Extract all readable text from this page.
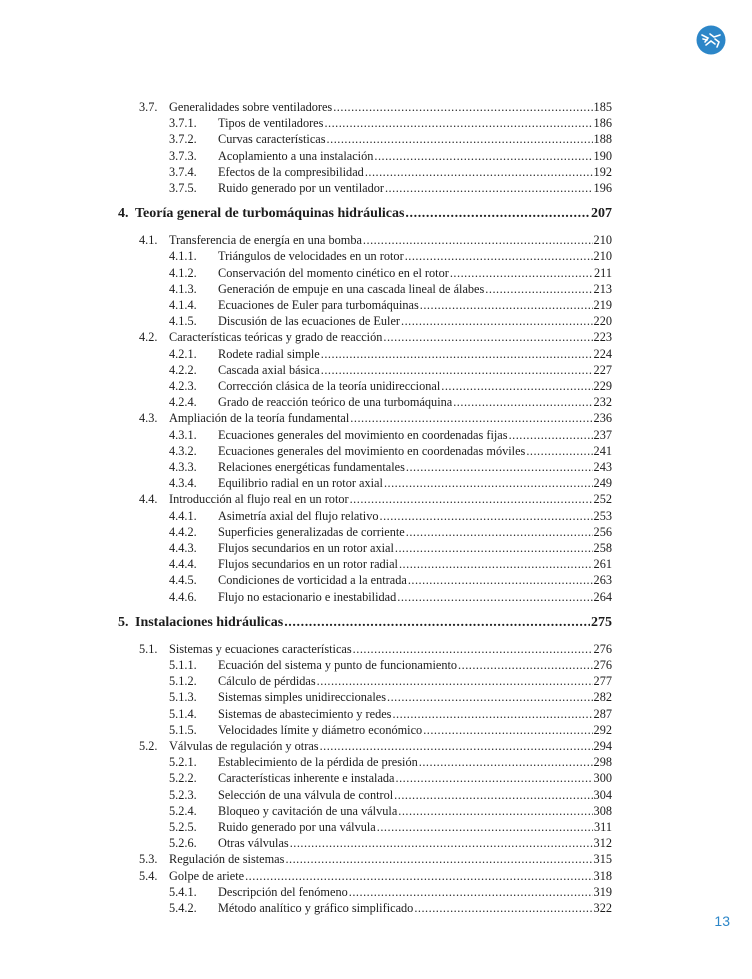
3.7. Generalidades sobre ventiladores .....	185
3.7.1. Tipos de ventiladores .....	186
3.7.2. Curvas características .....	188
3.7.3. Acoplamiento a una instalación .....	190
3.7.4. Efectos de la compresibilidad .....	192
3.7.5. Ruido generado por un ventilador .....	196
4. Teoría general de turbomáquinas hidráulicas .....	207
4.1. Transferencia de energía en una bomba .....	210
4.1.1. Triángulos de velocidades en un rotor .....	210
4.1.2. Conservación del momento cinético en el rotor .....	211
4.1.3. Generación de empuje en una cascada lineal de álabes .....	213
4.1.4. Ecuaciones de Euler para turbomáquinas .....	219
4.1.5. Discusión de las ecuaciones de Euler .....	220
4.2. Características teóricas y grado de reacción .....	223
4.2.1. Rodete radial simple .....	224
4.2.2. Cascada axial básica .....	227
4.2.3. Corrección clásica de la teoría unidireccional .....	229
4.2.4. Grado de reacción teórico de una turbomáquina .....	232
4.3. Ampliación de la teoría fundamental .....	236
4.3.1. Ecuaciones generales del movimiento en coordenadas fijas .....	237
4.3.2. Ecuaciones generales del movimiento en coordenadas móviles .....	241
4.3.3. Relaciones energéticas fundamentales .....	243
4.3.4. Equilibrio radial en un rotor axial .....	249
4.4. Introducción al flujo real en un rotor .....	252
4.4.1. Asimetría axial del flujo relativo .....	253
4.4.2. Superficies generalizadas de corriente .....	256
4.4.3. Flujos secundarios en un rotor axial .....	258
4.4.4. Flujos secundarios en un rotor radial .....	261
4.4.5. Condiciones de vorticidad a la entrada .....	263
4.4.6. Flujo no estacionario e inestabilidad .....	264
5. Instalaciones hidráulicas .....	275
5.1. Sistemas y ecuaciones características .....	276
5.1.1. Ecuación del sistema y punto de funcionamiento .....	276
5.1.2. Cálculo de pérdidas .....	277
5.1.3. Sistemas simples unidireccionales .....	282
5.1.4. Sistemas de abastecimiento y redes .....	287
5.1.5. Velocidades límite y diámetro económico .....	292
5.2. Válvulas de regulación y otras .....	294
5.2.1. Establecimiento de la pérdida de presión .....	298
5.2.2. Características inherente e instalada .....	300
5.2.3. Selección de una válvula de control .....	304
5.2.4. Bloqueo y cavitación de una válvula .....	308
5.2.5. Ruido generado por una válvula .....	311
5.2.6. Otras válvulas .....	312
5.3. Regulación de sistemas .....	315
5.4. Golpe de ariete .....	318
5.4.1. Descripción del fenómeno .....	319
5.4.2. Método analítico y gráfico simplificado .....	322
13
